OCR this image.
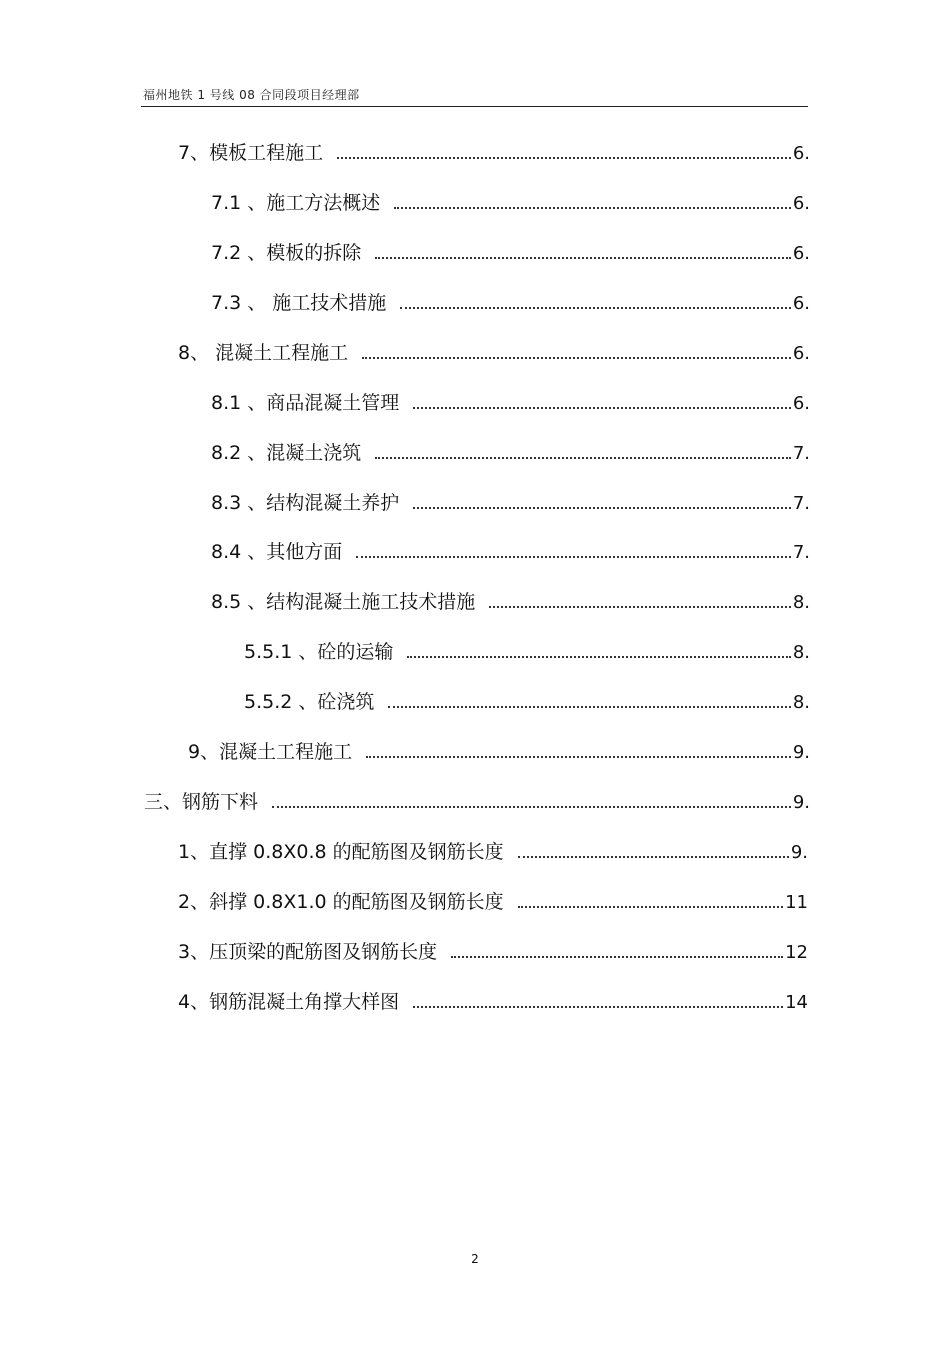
福州地铁 1 号线 08 合同段项目经理部
7、模板工程施工	6.
7.1 、施工方法概述	6.
7.2 、模板的拆除	6.
7.3 、 施工技术措施	6.
8、 混凝土工程施工	6.
8.1 、商品混凝土管理	6.
8.2 、混凝土浇筑	7.
8.3 、结构混凝土养护	7.
8.4 、其他方面	7.
8.5 、结构混凝土施工技术措施	8.
5.5.1 、砼的运输	8.
5.5.2 、砼浇筑	8.
9、混凝土工程施工	9.
三、钢筋下料	9.
1、直撑 0.8X0.8 的配筋图及钢筋长度	9.
2、斜撑 0.8X1.0 的配筋图及钢筋长度	11
3、压顶梁的配筋图及钢筋长度	12
4、钢筋混凝土角撑大样图	14
2
